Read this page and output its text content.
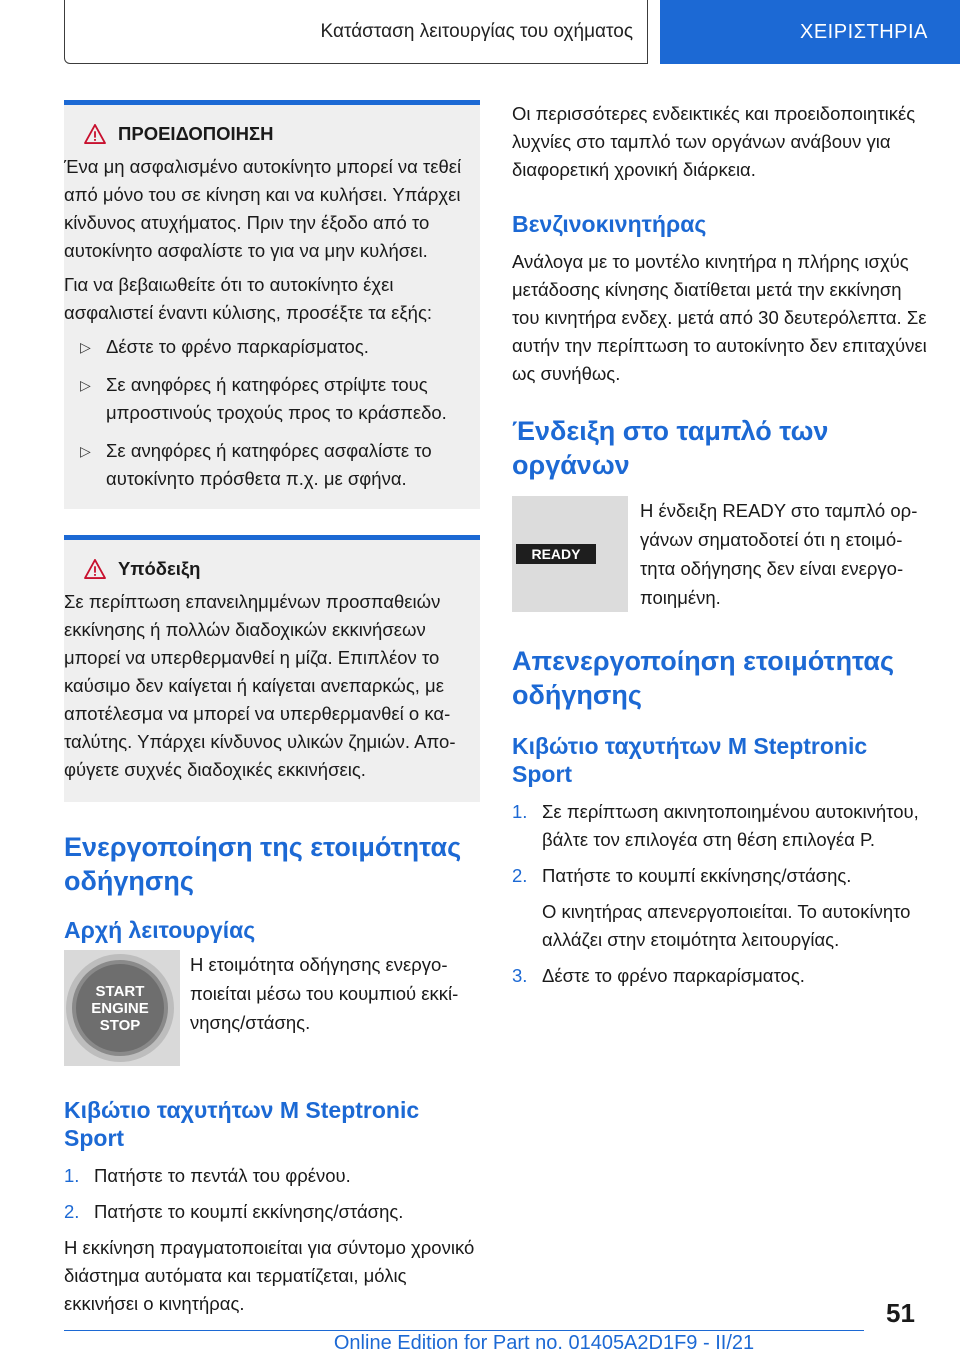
Κατάσταση λειτουργίας του οχήματος	ΧΕΙΡΙΣΤΗΡΙΑ
ΠΡΟΕΙΔΟΠΟΙΗΣΗ

Ένα μη ασφαλισμένο αυτοκίνητο μπορεί να τεθεί από μόνο του σε κίνηση και να κυλήσει. Υπάρχει κίνδυνος ατυχήματος. Πριν την έξοδο από το αυτοκίνητο ασφαλίστε το για να μην κυλήσει.

Για να βεβαιωθείτε ότι το αυτοκίνητο έχει ασφαλιστεί έναντι κύλισης, προσέξτε τα εξής:

▷ Δέστε το φρένο παρκαρίσματος.
▷ Σε ανηφόρες ή κατηφόρες στρίψτε τους μπροστινούς τροχούς προς το κράσπεδο.
▷ Σε ανηφόρες ή κατηφόρες ασφαλίστε το αυτοκίνητο πρόσθετα π.χ. με σφήνα.
Υπόδειξη

Σε περίπτωση επανειλημμένων προσπαθειών εκκίνησης ή πολλών διαδοχικών εκκινήσεων μπορεί να υπερθερμανθεί η μίζα. Επιπλέον το καύσιμο δεν καίγεται ή καίγεται ανεπαρκώς, με αποτέλεσμα να μπορεί να υπερθερμανθεί ο καταλύτης. Υπάρχει κίνδυνος υλικών ζημιών. Αποφύγετε συχνές διαδοχικές εκκινήσεις.

Ενεργοποίηση της ετοιμότητας οδήγησης
Αρχή λειτουργίας
START
ENGINE
STOP
Η ετοιμότητα οδήγησης ενεργοποιείται μέσω του κουμπιού εκκίνησης/στάσης.
Κιβώτιο ταχυτήτων M Steptronic Sport
1. Πατήστε το πεντάλ του φρένου.
2. Πατήστε το κουμπί εκκίνησης/στάσης.

Η εκκίνηση πραγματοποιείται για σύντομο χρονικό διάστημα αυτόματα και τερματίζεται, μόλις εκκινήσει ο κινητήρας.

Οι περισσότερες ενδεικτικές και προειδοποιητικές λυχνίες στο ταμπλό των οργάνων ανάβουν για διαφορετική χρονική διάρκεια.

Βενζινοκινητήρας

Ανάλογα με το μοντέλο κινητήρα η πλήρης ισχύς μετάδοσης κίνησης διατίθεται μετά την εκκίνηση του κινητήρα ενδεχ. μετά από 30 δευτερόλεπτα. Σε αυτήν την περίπτωση το αυτοκίνητο δεν επιταχύνει ως συνήθως.

Ένδειξη στο ταμπλό των οργάνων
READY
Η ένδειξη READY στο ταμπλό οργάνων σηματοδοτεί ότι η ετοιμότητα οδήγησης δεν είναι ενεργοποιημένη.
Απενεργοποίηση ετοιμότητας οδήγησης
Κιβώτιο ταχυτήτων M Steptronic Sport
1. Σε περίπτωση ακινητοποιημένου αυτοκινήτου, βάλτε τον επιλογέα στη θέση επιλογέα P.
2. Πατήστε το κουμπί εκκίνησης/στάσης.
Ο κινητήρας απενεργοποιείται. Το αυτοκίνητο αλλάζει στην ετοιμότητα λειτουργίας.
3. Δέστε το φρένο παρκαρίσματος.
51
Online Edition for Part no. 01405A2D1F9 - II/21
